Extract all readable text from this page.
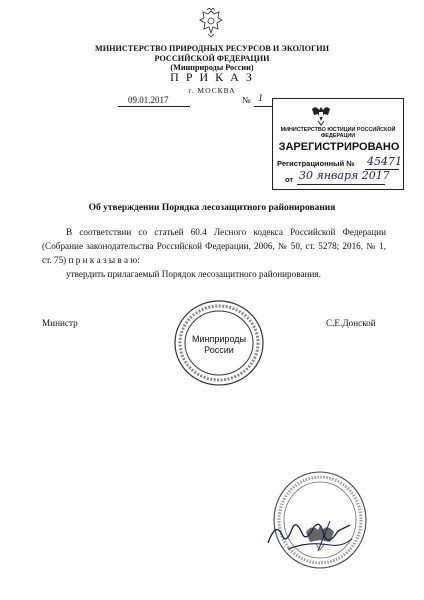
МИНИСТЕРСТВО ПРИРОДНЫХ РЕСУРСОВ И ЭКОЛОГИИ
РОССИЙСКОЙ ФЕДЕРАЦИИ
(Минприроды России)
П Р И К А З
г. МОСКВА
09.01.2017	№ 1
МИНИСТЕРСТВО ЮСТИЦИИ РОССИЙСКОЙ ФЕДЕРАЦИИ
ЗАРЕГИСТРИРОВАНО
Регистрационный № 45471
от 30 января 2017
Об утверждении Порядка лесозащитного районирования
В соответствии со статьей 60.4 Лесного кодекса Российской Федерации (Собрание законодательства Российской Федерации, 2006, № 50, ст. 5278; 2016, № 1, ст. 75) п р и к а з ы в а ю:
утвердить прилагаемый Порядок лесозащитного районирования.
Министр	С.Е.Донской
Минприроды
России
